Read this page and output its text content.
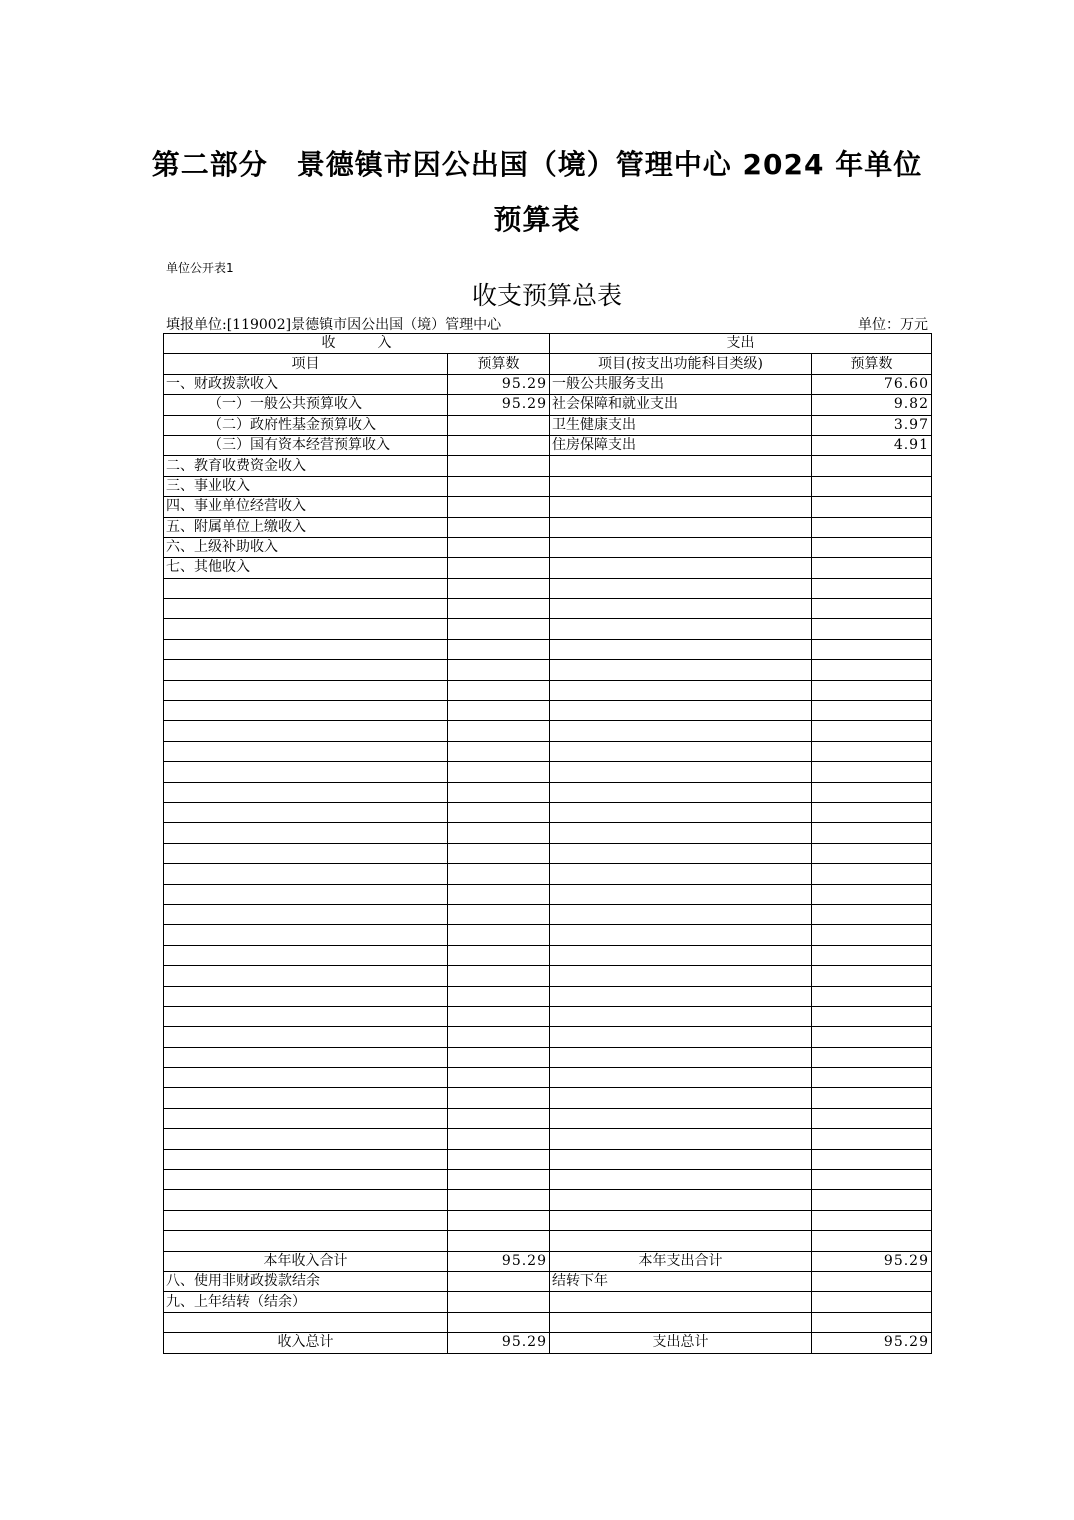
第二部分　景德镇市因公出国（境）管理中心 2024 年单位
预算表
单位公开表1
收支预算总表
填报单位:[119002]景德镇市因公出国（境）管理中心	单位：万元
收　　　入		支出	
项目	预算数	项目(按支出功能科目类级)	预算数
一、财政拨款收入	95.29	一般公共服务支出	76.60
（一）一般公共预算收入	95.29	社会保障和就业支出	9.82
（二）政府性基金预算收入		卫生健康支出	3.97
（三）国有资本经营预算收入		住房保障支出	4.91
二、教育收费资金收入			
三、事业收入			
四、事业单位经营收入			
五、附属单位上缴收入			
六、上级补助收入			
七、其他收入			

本年收入合计	95.29	本年支出合计	95.29
八、使用非财政拨款结余		结转下年	
九、上年结转（结余）			

收入总计	95.29	支出总计	95.29
